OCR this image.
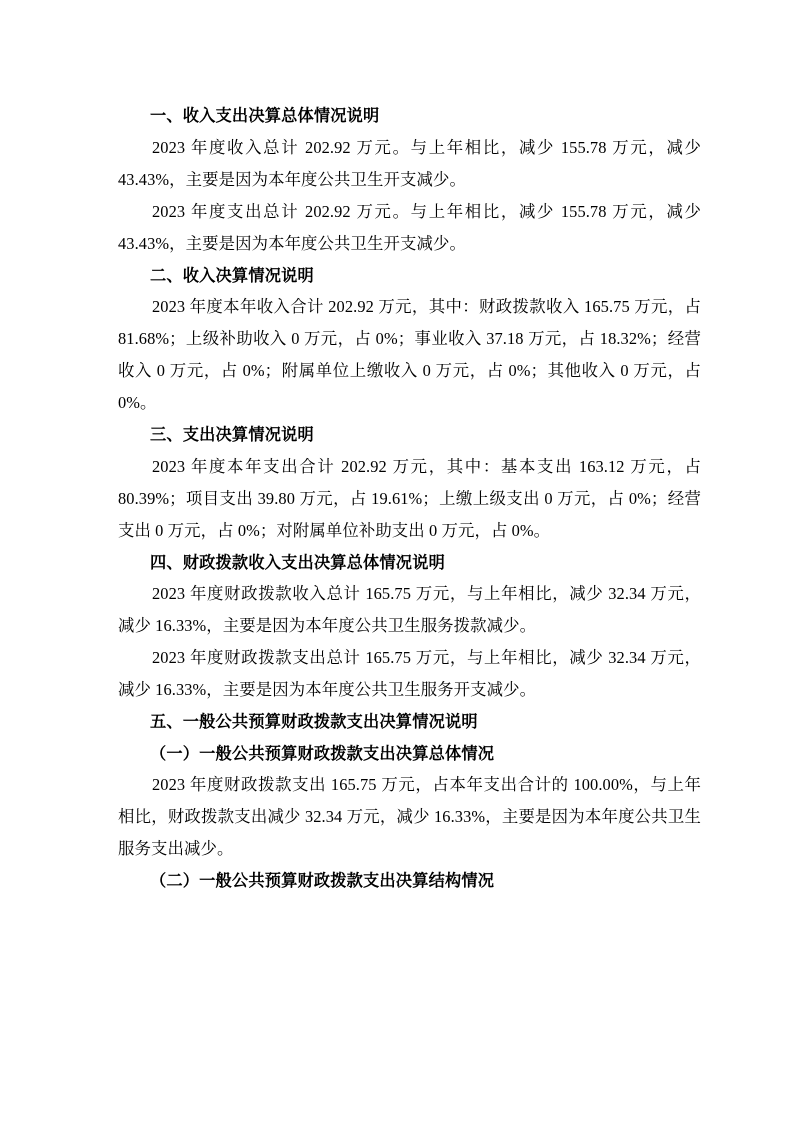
一、收入支出决算总体情况说明

2023 年度收入总计 202.92 万元。与上年相比，减少 155.78 万元，减少 43.43%，主要是因为本年度公共卫生开支减少。

2023 年度支出总计 202.92 万元。与上年相比，减少 155.78 万元，减少 43.43%，主要是因为本年度公共卫生开支减少。

二、收入决算情况说明

2023 年度本年收入合计 202.92 万元，其中：财政拨款收入 165.75 万元，占 81.68%；上级补助收入 0 万元，占 0%；事业收入 37.18 万元，占 18.32%；经营收入 0 万元，占 0%；附属单位上缴收入 0 万元，占 0%；其他收入 0 万元，占 0%。

三、支出决算情况说明

2023 年度本年支出合计 202.92 万元，其中：基本支出 163.12 万元，占 80.39%；项目支出 39.80 万元，占 19.61%；上缴上级支出 0 万元，占 0%；经营支出 0 万元，占 0%；对附属单位补助支出 0 万元，占 0%。

四、财政拨款收入支出决算总体情况说明

2023 年度财政拨款收入总计 165.75 万元，与上年相比，减少 32.34 万元，减少 16.33%，主要是因为本年度公共卫生服务拨款减少。

2023 年度财政拨款支出总计 165.75 万元，与上年相比，减少 32.34 万元，减少 16.33%，主要是因为本年度公共卫生服务开支减少。

五、一般公共预算财政拨款支出决算情况说明
（一）一般公共预算财政拨款支出决算总体情况

2023 年度财政拨款支出 165.75 万元，占本年支出合计的 100.00%，与上年相比，财政拨款支出减少 32.34 万元，减少 16.33%，主要是因为本年度公共卫生服务支出减少。

（二）一般公共预算财政拨款支出决算结构情况
